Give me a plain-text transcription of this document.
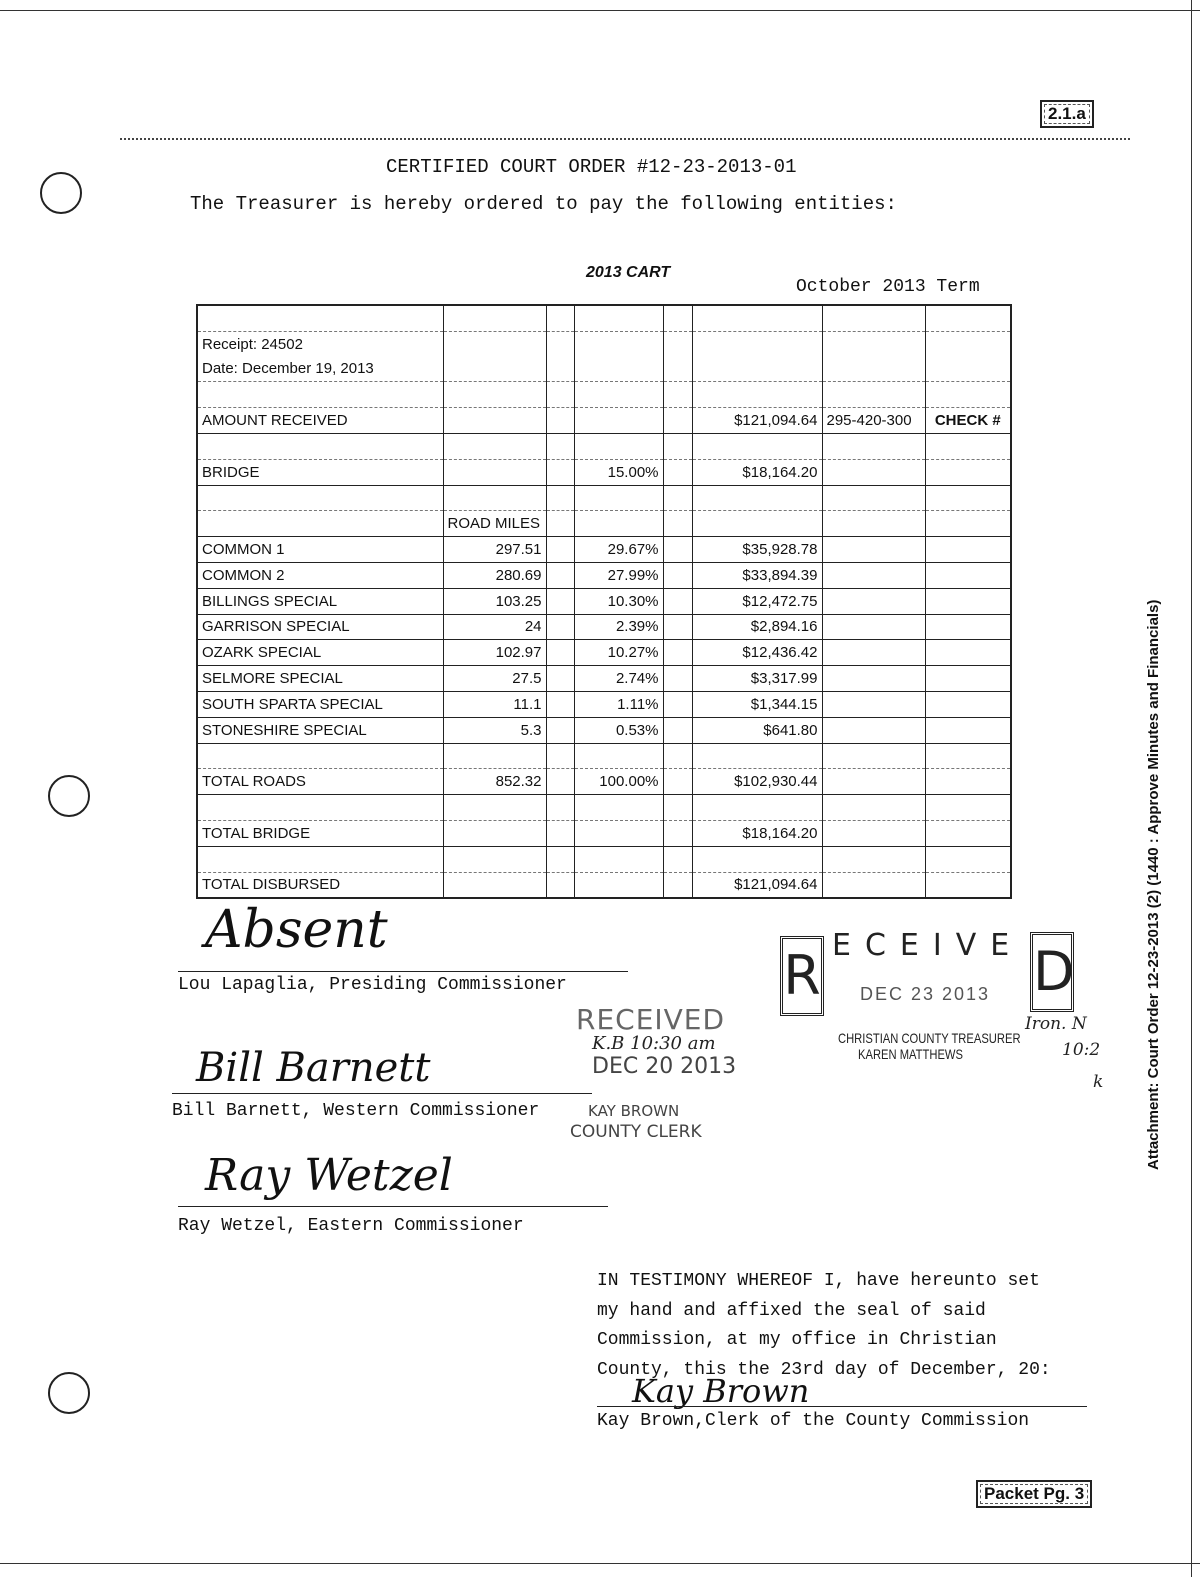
2.1.a
Packet Pg. 3
CERTIFIED COURT ORDER #12-23-2013-01
The Treasurer is hereby ordered to pay the following entities:
2013 CART
October 2013 Term

Receipt: 24502							
Date: December 19, 2013							

AMOUNT RECEIVED					$121,094.64	295-420-300	CHECK #

BRIDGE			15.00%		$18,164.20		

	ROAD MILES						
COMMON 1	297.51		29.67%		$35,928.78		
COMMON 2	280.69		27.99%		$33,894.39		
BILLINGS SPECIAL	103.25		10.30%		$12,472.75		
GARRISON SPECIAL	24		2.39%		$2,894.16		
OZARK SPECIAL	102.97		10.27%		$12,436.42		
SELMORE SPECIAL	27.5		2.74%		$3,317.99		
SOUTH SPARTA SPECIAL	11.1		1.11%		$1,344.15		
STONESHIRE SPECIAL	5.3		0.53%		$641.80		

TOTAL ROADS	852.32		100.00%		$102,930.44		

TOTAL BRIDGE					$18,164.20		

TOTAL DISBURSED					$121,094.64		
Absent
Lou Lapaglia, Presiding Commissioner
Bill Barnett
Bill Barnett, Western Commissioner
Ray Wetzel
Ray Wetzel, Eastern Commissioner
R ECEIVE D
DEC 23 2013
CHRISTIAN COUNTY TREASURER
KAREN MATTHEWS
Iron. N
10:2
k
RECEIVED
K.B 10:30 am
DEC 20 2013
KAY BROWN
COUNTY CLERK
IN TESTIMONY WHEREOF I, have hereunto set
my hand and affixed the seal of said
Commission, at my office in Christian
County, this the 23rd day of December, 20:
Kay Brown
Kay Brown,Clerk of the County Commission
Attachment: Court Order 12-23-2013 (2) (1440 : Approve Minutes and Financials)
